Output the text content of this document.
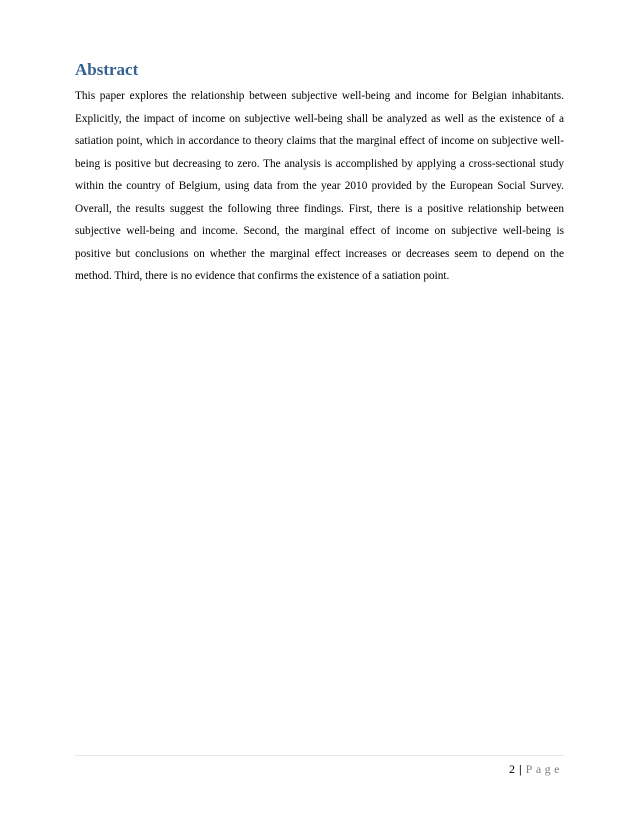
Abstract

This paper explores the relationship between subjective well-being and income for Belgian inhabitants. Explicitly, the impact of income on subjective well-being shall be analyzed as well as the existence of a satiation point, which in accordance to theory claims that the marginal effect of income on subjective well-being is positive but decreasing to zero. The analysis is accomplished by applying a cross-sectional study within the country of Belgium, using data from the year 2010 provided by the European Social Survey. Overall, the results suggest the following three findings. First, there is a positive relationship between subjective well-being and income. Second, the marginal effect of income on subjective well-being is positive but conclusions on whether the marginal effect increases or decreases seem to depend on the method. Third, there is no evidence that confirms the existence of a satiation point.

2 | Page
